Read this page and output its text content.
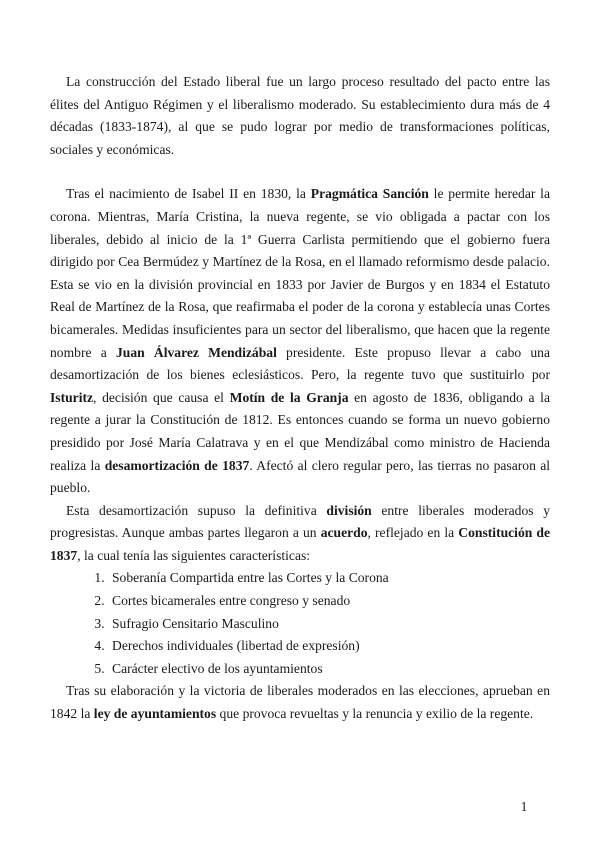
La construcción del Estado liberal fue un largo proceso resultado del pacto entre las élites del Antiguo Régimen y el liberalismo moderado. Su establecimiento dura más de 4 décadas (1833-1874), al que se pudo lograr por medio de transformaciones políticas, sociales y económicas.

Tras el nacimiento de Isabel II en 1830, la Pragmática Sanción le permite heredar la corona. Mientras, María Cristina, la nueva regente, se vio obligada a pactar con los liberales, debido al inicio de la 1ª Guerra Carlista permitiendo que el gobierno fuera dirigido por Cea Bermúdez y Martínez de la Rosa, en el llamado reformismo desde palacio. Esta se vio en la división provincial en 1833 por Javier de Burgos y en 1834 el Estatuto Real de Martínez de la Rosa, que reafirmaba el poder de la corona y establecía unas Cortes bicamerales. Medidas insuficientes para un sector del liberalismo, que hacen que la regente nombre a Juan Álvarez Mendizábal presidente. Este propuso llevar a cabo una desamortización de los bienes eclesiásticos. Pero, la regente tuvo que sustituirlo por Isturitz, decisión que causa el Motín de la Granja en agosto de 1836, obligando a la regente a jurar la Constitución de 1812. Es entonces cuando se forma un nuevo gobierno presidido por José María Calatrava y en el que Mendizábal como ministro de Hacienda realiza la desamortización de 1837. Afectó al clero regular pero, las tierras no pasaron al pueblo.

Esta desamortización supuso la definitiva división entre liberales moderados y progresistas. Aunque ambas partes llegaron a un acuerdo, reflejado en la Constitución de 1837, la cual tenía las siguientes características:

1. Soberanía Compartida entre las Cortes y la Corona
2. Cortes bicamerales entre congreso y senado
3. Sufragio Censitario Masculino
4. Derechos individuales (libertad de expresión)
5. Carácter electivo de los ayuntamientos

Tras su elaboración y la victoria de liberales moderados en las elecciones, aprueban en 1842 la ley de ayuntamientos que provoca revueltas y la renuncia y exilio de la regente.

1
